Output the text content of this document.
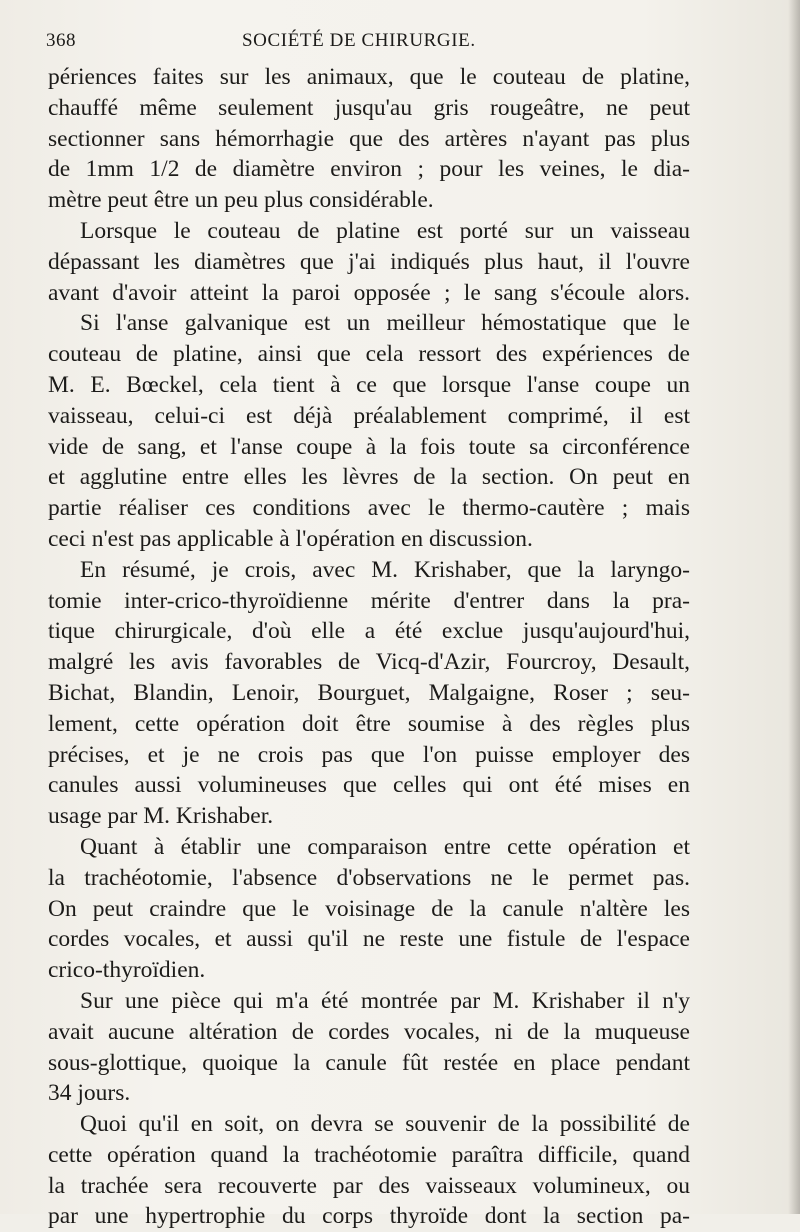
368	SOCIÉTÉ DE CHIRURGIE.
périences faites sur les animaux, que le couteau de platine,
chauffé même seulement jusqu'au gris rougeâtre, ne peut
sectionner sans hémorrhagie que des artères n'ayant pas plus
de 1mm 1/2 de diamètre environ ; pour les veines, le dia-
mètre peut être un peu plus considérable.
Lorsque le couteau de platine est porté sur un vaisseau
dépassant les diamètres que j'ai indiqués plus haut, il l'ouvre
avant d'avoir atteint la paroi opposée ; le sang s'écoule alors.
Si l'anse galvanique est un meilleur hémostatique que le
couteau de platine, ainsi que cela ressort des expériences de
M. E. Bœckel, cela tient à ce que lorsque l'anse coupe un
vaisseau, celui-ci est déjà préalablement comprimé, il est
vide de sang, et l'anse coupe à la fois toute sa circonférence
et agglutine entre elles les lèvres de la section. On peut en
partie réaliser ces conditions avec le thermo-cautère ; mais
ceci n'est pas applicable à l'opération en discussion.
En résumé, je crois, avec M. Krishaber, que la laryngo-
tomie inter-crico-thyroïdienne mérite d'entrer dans la pra-
tique chirurgicale, d'où elle a été exclue jusqu'aujourd'hui,
malgré les avis favorables de Vicq-d'Azir, Fourcroy, Desault,
Bichat, Blandin, Lenoir, Bourguet, Malgaigne, Roser ; seu-
lement, cette opération doit être soumise à des règles plus
précises, et je ne crois pas que l'on puisse employer des
canules aussi volumineuses que celles qui ont été mises en
usage par M. Krishaber.
Quant à établir une comparaison entre cette opération et
la trachéotomie, l'absence d'observations ne le permet pas.
On peut craindre que le voisinage de la canule n'altère les
cordes vocales, et aussi qu'il ne reste une fistule de l'espace
crico-thyroïdien.
Sur une pièce qui m'a été montrée par M. Krishaber il n'y
avait aucune altération de cordes vocales, ni de la muqueuse
sous-glottique, quoique la canule fût restée en place pendant
34 jours.
Quoi qu'il en soit, on devra se souvenir de la possibilité de
cette opération quand la trachéotomie paraîtra difficile, quand
la trachée sera recouverte par des vaisseaux volumineux, ou
par une hypertrophie du corps thyroïde dont la section pa-
